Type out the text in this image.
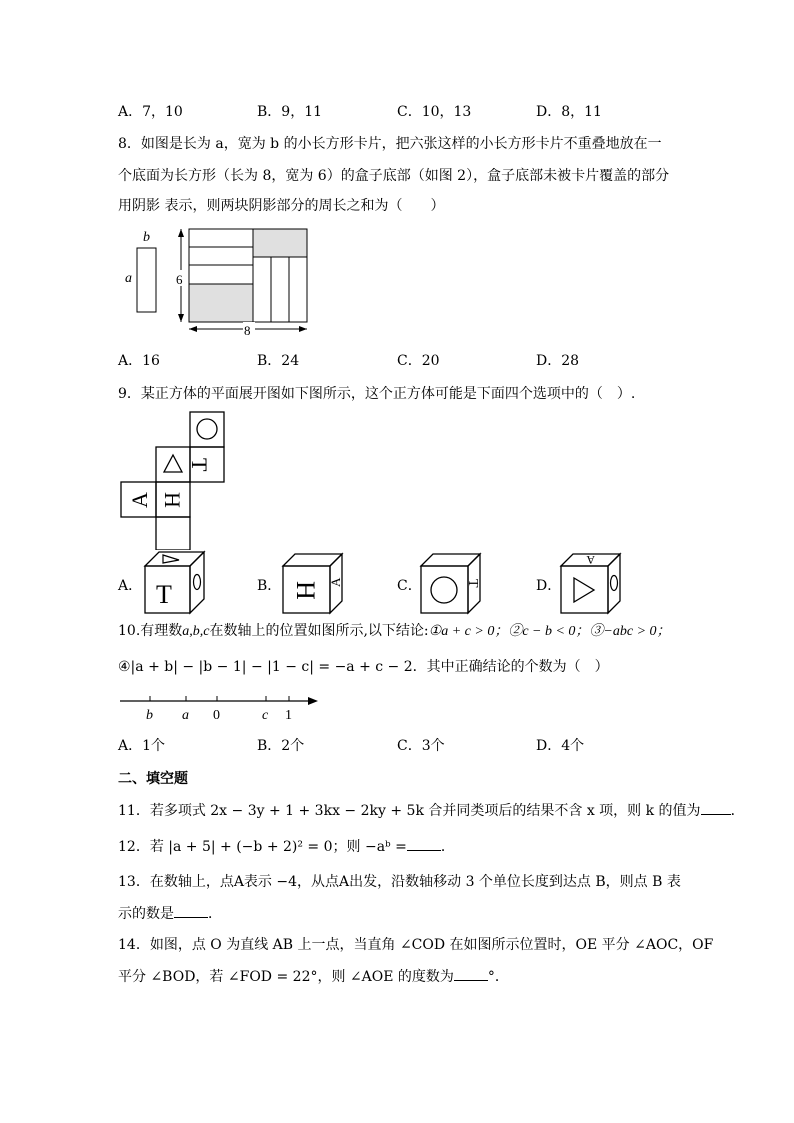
A．7，10	B．9，11	C．10，13	D．8，11
8．如图是长为 a，宽为 b 的小长方形卡片，把六张这样的小长方形卡片不重叠地放在一
个底面为长方形（长为 8，宽为 6）的盒子底部（如图 2），盒子底部未被卡片覆盖的部分
用阴影 表示，则两块阴影部分的周长之和为（　　）
b
a	6
8
A．16	B．24	C．20	D．28
9．某正方体的平面展开图如下图所示，这个正方体可能是下面四个选项中的（　）.
T
H
A
A． T	B． H A	C．	T	D．
A
10.有理数a,b,c在数轴上的位置如图所示,以下结论:①a + c > 0；②c − b < 0；③−abc > 0；
④|a + b| − |b − 1| − |1 − c| = −a + c − 2．其中正确结论的个数为（　）
b a 0	c 1
A．1个	B．2个	C．3个	D．4个
二、填空题
11．若多项式 2x − 3y + 1 + 3kx − 2ky + 5k 合并同类项后的结果不含 x 项，则 k 的值为 ．
12．若 |a + 5| + (−b + 2)² = 0；则 −aᵇ = ．
13．在数轴上，点A表示 −4，从点A出发，沿数轴移动 3 个单位长度到达点 B，则点 B 表
示的数是 ．
14．如图，点 O 为直线 AB 上一点，当直角 ∠COD 在如图所示位置时，OE 平分 ∠AOC，OF
平分 ∠BOD，若 ∠FOD = 22°，则 ∠AOE 的度数为 °．
